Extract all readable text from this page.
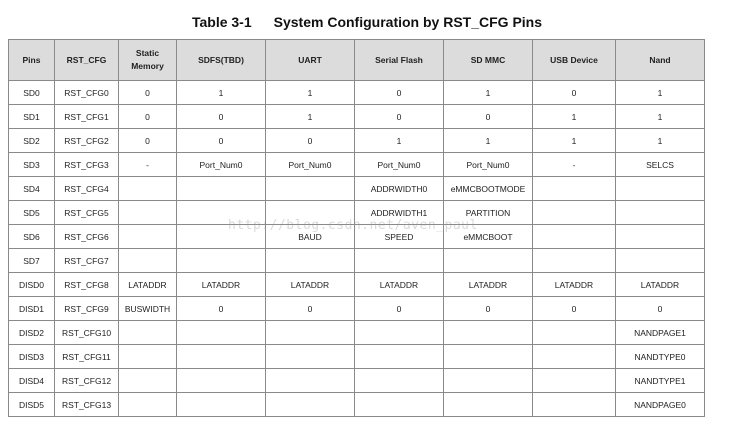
Table 3-1 System Configuration by RST_CFG Pins
Pins	RST_CFG	Static Memory	SDFS(TBD)	UART	Serial Flash	SD MMC	USB Device	Nand
SD0	RST_CFG0	0	1	1	0	1	0	1
SD1	RST_CFG1	0	0	1	0	0	1	1
SD2	RST_CFG2	0	0	0	1	1	1	1
SD3	RST_CFG3	-	Port_Num0	Port_Num0	Port_Num0	Port_Num0	-	SELCS
SD4	RST_CFG4				ADDRWIDTH0	eMMCBOOTMODE		
SD5	RST_CFG5				ADDRWIDTH1	PARTITION		
SD6	RST_CFG6			BAUD	SPEED	eMMCBOOT		
SD7	RST_CFG7							
DISD0	RST_CFG8	LATADDR	LATADDR	LATADDR	LATADDR	LATADDR	LATADDR	LATADDR
DISD1	RST_CFG9	BUSWIDTH	0	0	0	0	0	0
DISD2	RST_CFG10							NANDPAGE1
DISD3	RST_CFG11							NANDTYPE0
DISD4	RST_CFG12							NANDTYPE1
DISD5	RST_CFG13							NANDPAGE0
http://blog.csdn.net/aven_paul
